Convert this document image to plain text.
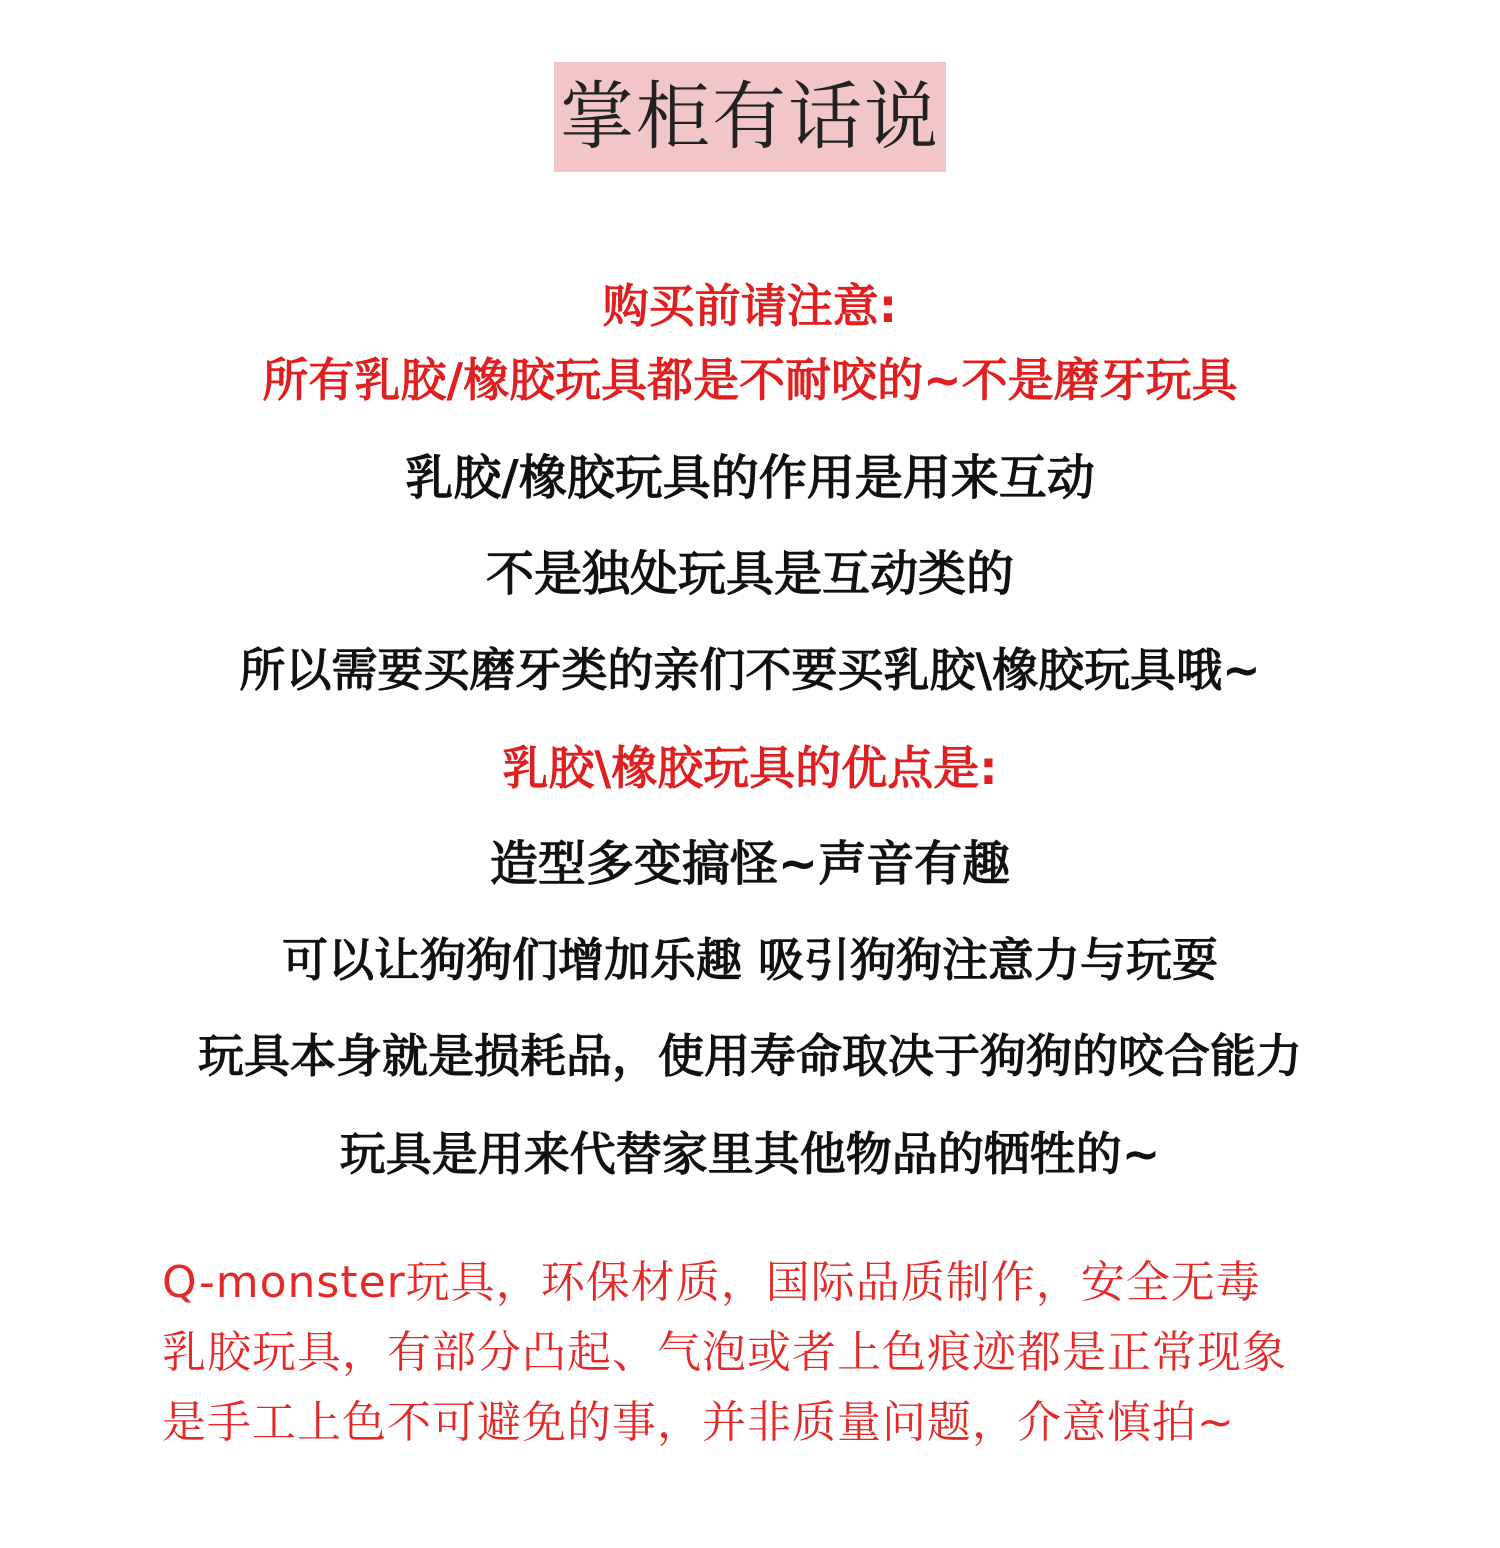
掌柜有话说
购买前请注意:
所有乳胶/橡胶玩具都是不耐咬的~不是磨牙玩具
乳胶/橡胶玩具的作用是用来互动
不是独处玩具是互动类的
所以需要买磨牙类的亲们不要买乳胶\橡胶玩具哦~
乳胶\橡胶玩具的优点是:
造型多变搞怪~声音有趣
可以让狗狗们增加乐趣 吸引狗狗注意力与玩耍
玩具本身就是损耗品，使用寿命取决于狗狗的咬合能力
玩具是用来代替家里其他物品的牺牲的~
Q-monster玩具，环保材质，国际品质制作，安全无毒
乳胶玩具，有部分凸起、气泡或者上色痕迹都是正常现象
是手工上色不可避免的事，并非质量问题，介意慎拍~
